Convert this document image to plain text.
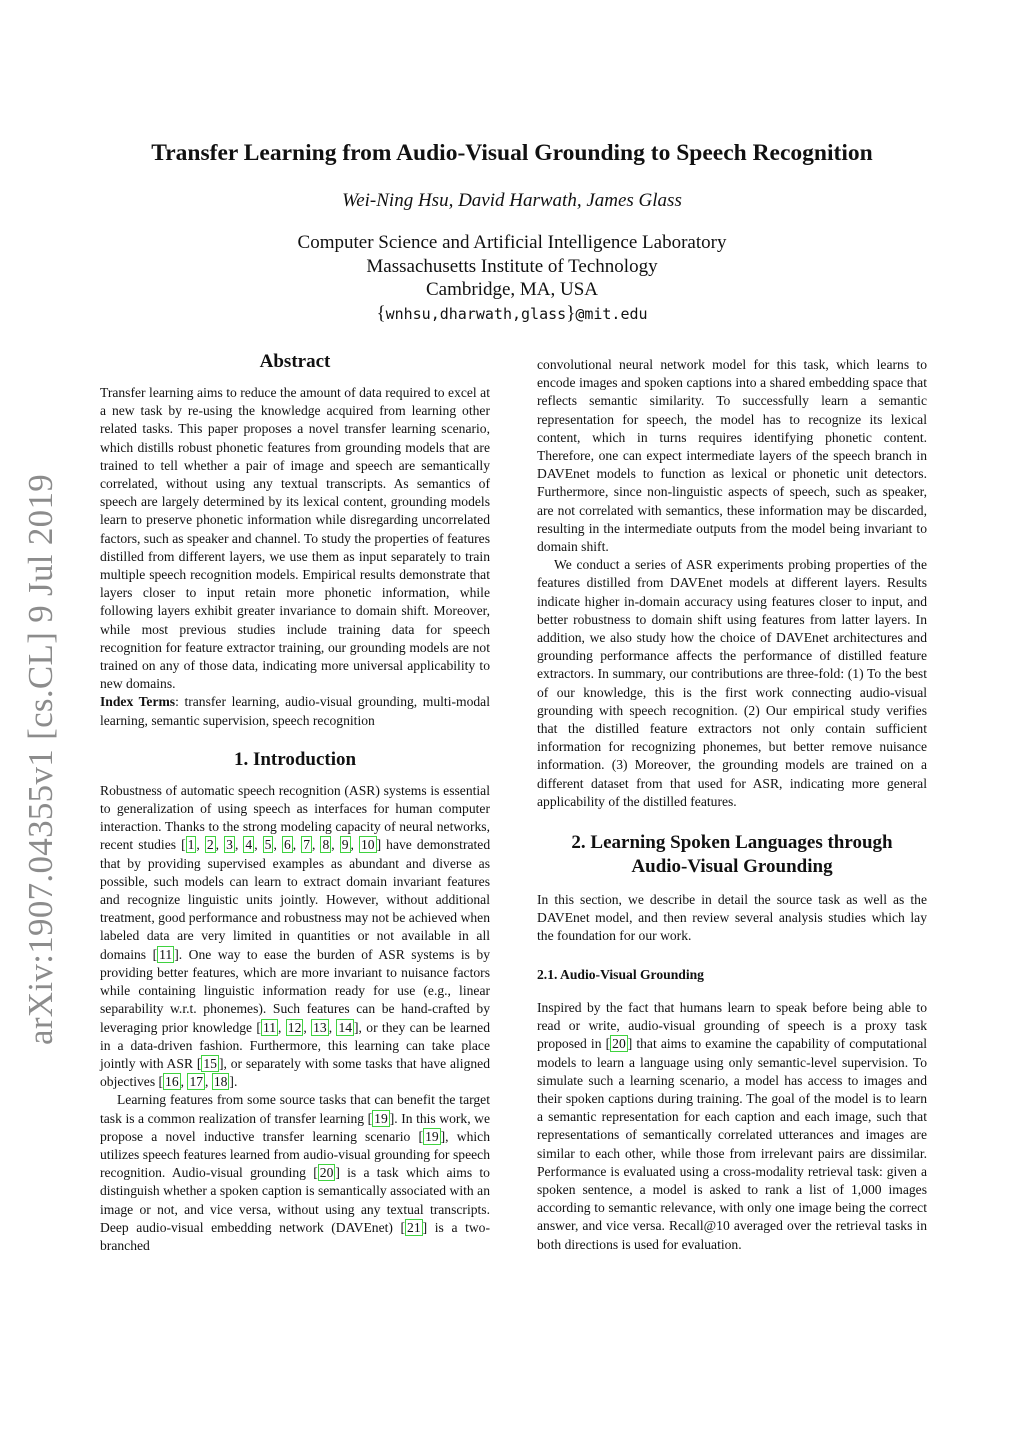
arXiv:1907.04355v1 [cs.CL] 9 Jul 2019
Transfer Learning from Audio-Visual Grounding to Speech Recognition
Wei-Ning Hsu, David Harwath, James Glass
Computer Science and Artificial Intelligence Laboratory
Massachusetts Institute of Technology
Cambridge, MA, USA
{wnhsu,dharwath,glass}@mit.edu
Abstract

Transfer learning aims to reduce the amount of data required to excel at a new task by re-using the knowledge acquired from learning other related tasks. This paper proposes a novel transfer learning scenario, which distills robust phonetic features from grounding models that are trained to tell whether a pair of image and speech are semantically correlated, without using any textual transcripts. As semantics of speech are largely determined by its lexical content, grounding models learn to preserve phonetic information while disregarding uncorrelated factors, such as speaker and channel. To study the properties of features distilled from different layers, we use them as input separately to train multiple speech recognition models. Empirical results demonstrate that layers closer to input retain more phonetic information, while following layers exhibit greater invariance to domain shift. Moreover, while most previous studies include training data for speech recognition for feature extractor training, our grounding models are not trained on any of those data, indicating more universal applicability to new domains.

Index Terms: transfer learning, audio-visual grounding, multi-modal learning, semantic supervision, speech recognition

1. Introduction

Robustness of automatic speech recognition (ASR) systems is essential to generalization of using speech as interfaces for human computer interaction. Thanks to the strong modeling capacity of neural networks, recent studies [ 1 , 2 , 3 , 4 , 5 , 6 , 7 , 8 , 9 , 10 ] have demonstrated that by providing supervised examples as abundant and diverse as possible, such models can learn to extract domain invariant features and recognize linguistic units jointly. However, without additional treatment, good performance and robustness may not be achieved when labeled data are very limited in quantities or not available in all domains [ 11 ]. One way to ease the burden of ASR systems is by providing better features, which are more invariant to nuisance factors while containing linguistic information ready for use (e.g., linear separability w.r.t. phonemes). Such features can be hand-crafted by leveraging prior knowledge [ 11 , 12 , 13 , 14 ], or they can be learned in a data-driven fashion. Furthermore, this learning can take place jointly with ASR [ 15 ], or separately with some tasks that have aligned objectives [ 16 , 17 , 18 ].

Learning features from some source tasks that can benefit the target task is a common realization of transfer learning [ 19 ]. In this work, we propose a novel inductive transfer learning scenario [ 19 ], which utilizes speech features learned from audio-visual grounding for speech recognition. Audio-visual grounding [ 20 ] is a task which aims to distinguish whether a spoken caption is semantically associated with an image or not, and vice versa, without using any textual transcripts. Deep audio-visual embedding network (DAVEnet) [ 21 ] is a two-branched

convolutional neural network model for this task, which learns to encode images and spoken captions into a shared embedding space that reflects semantic similarity. To successfully learn a semantic representation for speech, the model has to recognize its lexical content, which in turns requires identifying phonetic content. Therefore, one can expect intermediate layers of the speech branch in DAVEnet models to function as lexical or phonetic unit detectors. Furthermore, since non-linguistic aspects of speech, such as speaker, are not correlated with semantics, these information may be discarded, resulting in the intermediate outputs from the model being invariant to domain shift.

We conduct a series of ASR experiments probing properties of the features distilled from DAVEnet models at different layers. Results indicate higher in-domain accuracy using features closer to input, and better robustness to domain shift using features from latter layers. In addition, we also study how the choice of DAVEnet architectures and grounding performance affects the performance of distilled feature extractors. In summary, our contributions are three-fold: (1) To the best of our knowledge, this is the first work connecting audio-visual grounding with speech recognition. (2) Our empirical study verifies that the distilled feature extractors not only contain sufficient information for recognizing phonemes, but better remove nuisance information. (3) Moreover, the grounding models are trained on a different dataset from that used for ASR, indicating more general applicability of the distilled features.

2. Learning Spoken Languages through
Audio-Visual Grounding

In this section, we describe in detail the source task as well as the DAVEnet model, and then review several analysis studies which lay the foundation for our work.

2.1. Audio-Visual Grounding

Inspired by the fact that humans learn to speak before being able to read or write, audio-visual grounding of speech is a proxy task proposed in [ 20 ] that aims to examine the capability of computational models to learn a language using only semantic-level supervision. To simulate such a learning scenario, a model has access to images and their spoken captions during training. The goal of the model is to learn a semantic representation for each caption and each image, such that representations of semantically correlated utterances and images are similar to each other, while those from irrelevant pairs are dissimilar. Performance is evaluated using a cross-modality retrieval task: given a spoken sentence, a model is asked to rank a list of 1,000 images according to semantic relevance, with only one image being the correct answer, and vice versa. Recall@10 averaged over the retrieval tasks in both directions is used for evaluation.
